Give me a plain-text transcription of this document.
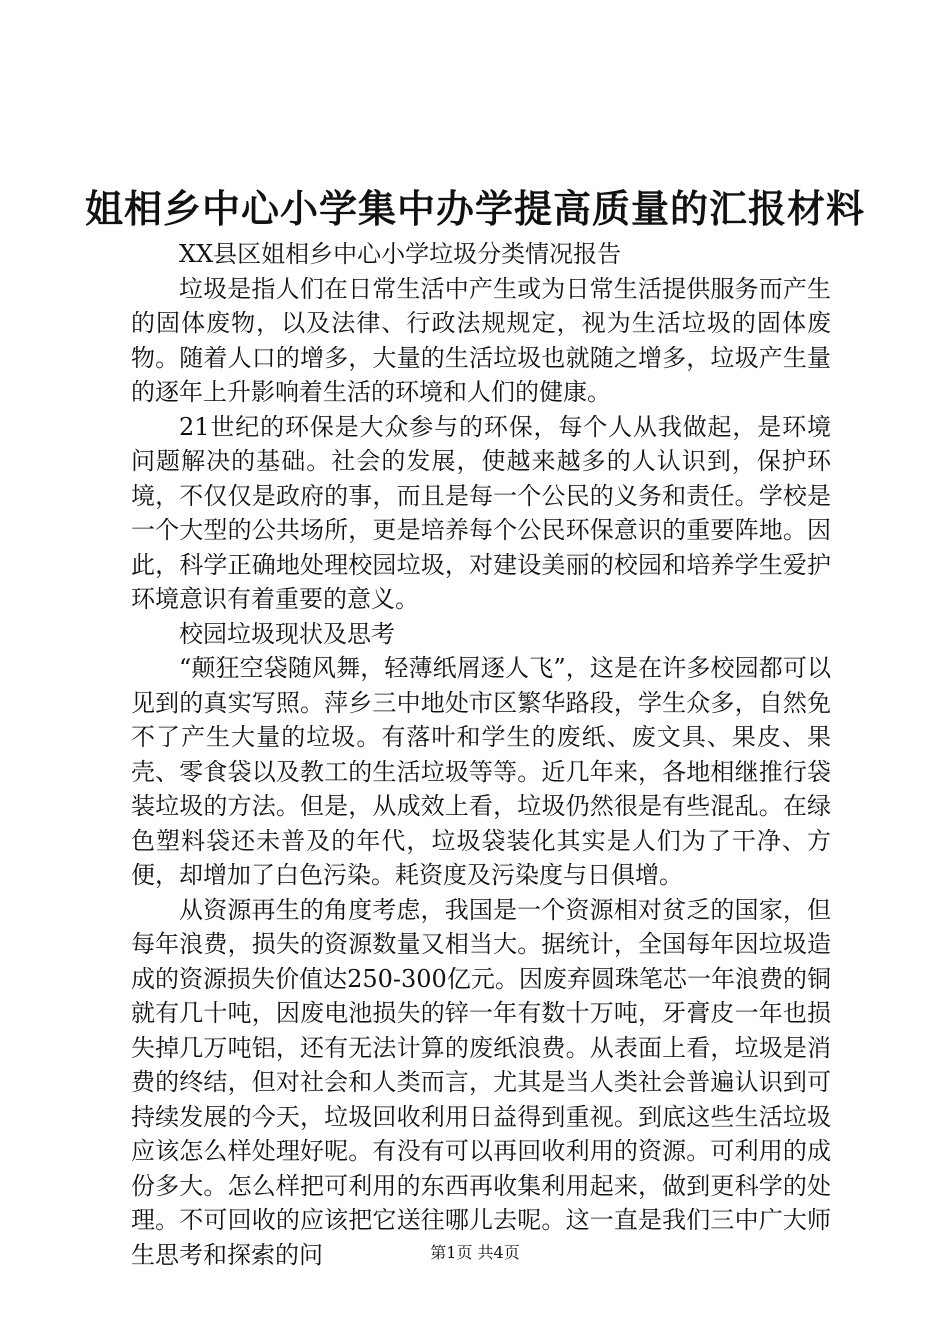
姐相乡中心小学集中办学提高质量的汇报材料

XX县区姐相乡中心小学垃圾分类情况报告

垃圾是指人们在日常生活中产生或为日常生活提供服务而产生的固体废物，以及法律、行政法规规定，视为生活垃圾的固体废物。随着人口的增多，大量的生活垃圾也就随之增多，垃圾产生量的逐年上升影响着生活的环境和人们的健康。

21世纪的环保是大众参与的环保，每个人从我做起，是环境问题解决的基础。社会的发展，使越来越多的人认识到，保护环境，不仅仅是政府的事，而且是每一个公民的义务和责任。学校是一个大型的公共场所，更是培养每个公民环保意识的重要阵地。因此，科学正确地处理校园垃圾，对建设美丽的校园和培养学生爱护环境意识有着重要的意义。

校园垃圾现状及思考

“颠狂空袋随风舞，轻薄纸屑逐人飞”，这是在许多校园都可以见到的真实写照。萍乡三中地处市区繁华路段，学生众多，自然免不了产生大量的垃圾。有落叶和学生的废纸、废文具、果皮、果壳、零食袋以及教工的生活垃圾等等。近几年来，各地相继推行袋装垃圾的方法。但是，从成效上看，垃圾仍然很是有些混乱。在绿色塑料袋还未普及的年代，垃圾袋装化其实是人们为了干净、方便，却增加了白色污染。耗资度及污染度与日俱增。

从资源再生的角度考虑，我国是一个资源相对贫乏的国家，但每年浪费，损失的资源数量又相当大。据统计，全国每年因垃圾造成的资源损失价值达250-300亿元。因废弃圆珠笔芯一年浪费的铜就有几十吨，因废电池损失的锌一年有数十万吨，牙膏皮一年也损失掉几万吨铝，还有无法计算的废纸浪费。从表面上看，垃圾是消费的终结，但对社会和人类而言，尤其是当人类社会普遍认识到可持续发展的今天，垃圾回收利用日益得到重视。到底这些生活垃圾应该怎么样处理好呢。有没有可以再回收利用的资源。可利用的成份多大。怎么样把可利用的东西再收集利用起来，做到更科学的处理。不可回收的应该把它送往哪儿去呢。这一直是我们三中广大师生思考和探索的问	第1页 共4页
